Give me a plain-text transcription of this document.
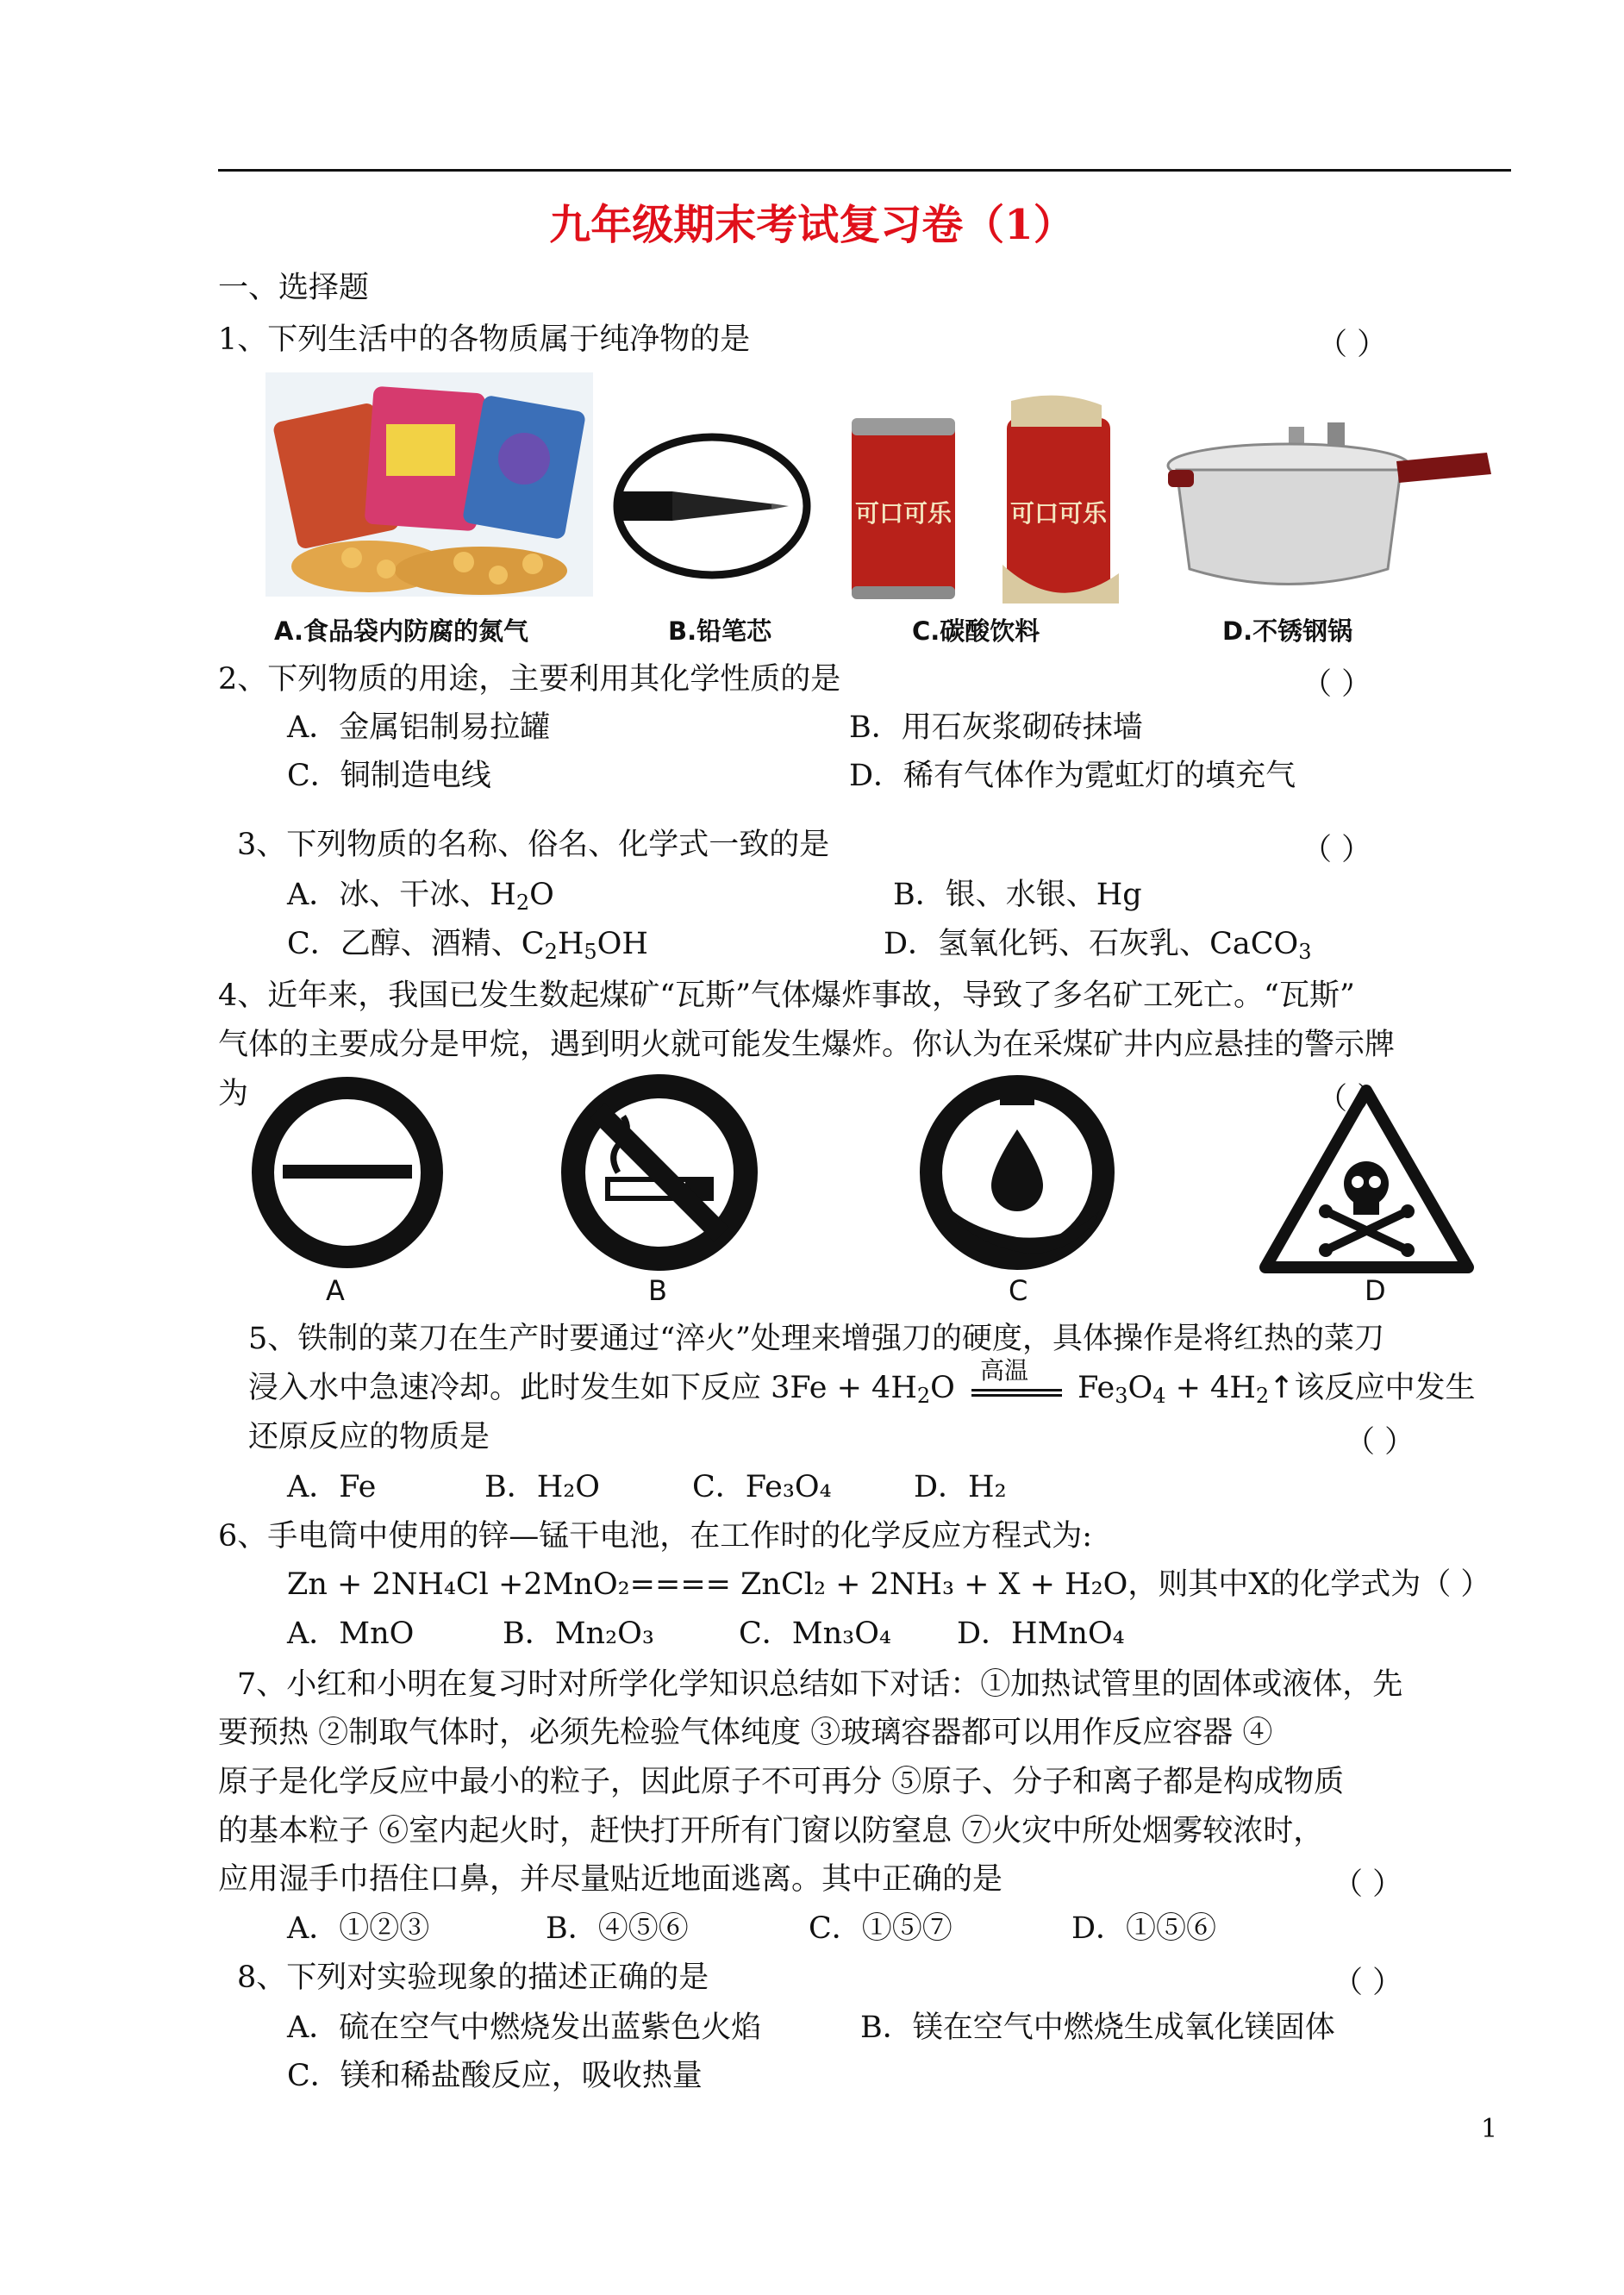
九年级期末考试复习卷（1）
一、选择题
1、下列生活中的各物质属于纯净物的是	（ ）
可口可乐 可口可乐
A.食品袋内防腐的氮气	B.铅笔芯	C.碳酸饮料	D.不锈钢锅
2、下列物质的用途，主要利用其化学性质的是	（ ）
A．金属铝制易拉罐	B．用石灰浆砌砖抹墙
C．铜制造电线	D．稀有气体作为霓虹灯的填充气
3、下列物质的名称、俗名、化学式一致的是	（ ）
A．冰、干冰、$H_2O$	B．银、水银、Hg
C．乙醇、酒精、$C_2H_5OH$	D．氢氧化钙、石灰乳、CaCO$_3$
4、近年来，我国已发生数起煤矿“瓦斯”气体爆炸事故，导致了多名矿工死亡。“瓦斯”
气体的主要成分是甲烷，遇到明火就可能发生爆炸。你认为在采煤矿井内应悬挂的警示牌
为	（ ）
A	B	C	D
5、铁制的菜刀在生产时要通过“淬火”处理来增强刀的硬度，具体操作是将红热的菜刀
浸入水中急速冷却。此时发生如下反应 $3Fe + 4H_2O$
高温
$Fe_3O_4$ + $4H_2↑$该反应中发生
还原反应的物质是	（ ）
A．Fe	B．H₂O	C．Fe₃O₄	D．H₂
6、手电筒中使用的锌—锰干电池，在工作时的化学反应方程式为:
Zn + 2NH₄Cl +2MnO₂==== ZnCl₂ + 2NH₃ + X + H₂O，则其中X的化学式为（ ）
A．MnO	B．Mn₂O₃	C．Mn₃O₄ D．HMnO₄
7、小红和小明在复习时对所学化学知识总结如下对话：①加热试管里的固体或液体，先
要预热 ②制取气体时，必须先检验气体纯度 ③玻璃容器都可以用作反应容器 ④
原子是化学反应中最小的粒子，因此原子不可再分 ⑤原子、分子和离子都是构成物质
的基本粒子 ⑥室内起火时，赶快打开所有门窗以防窒息 ⑦火灾中所处烟雾较浓时，
应用湿手巾捂住口鼻，并尽量贴近地面逃离。其中正确的是	（ ）
A．①②③	B．④⑤⑥	C．①⑤⑦	D．①⑤⑥
8、下列对实验现象的描述正确的是	（ ）
A．硫在空气中燃烧发出蓝紫色火焰	B．镁在空气中燃烧生成氧化镁固体
C．镁和稀盐酸反应，吸收热量
1
